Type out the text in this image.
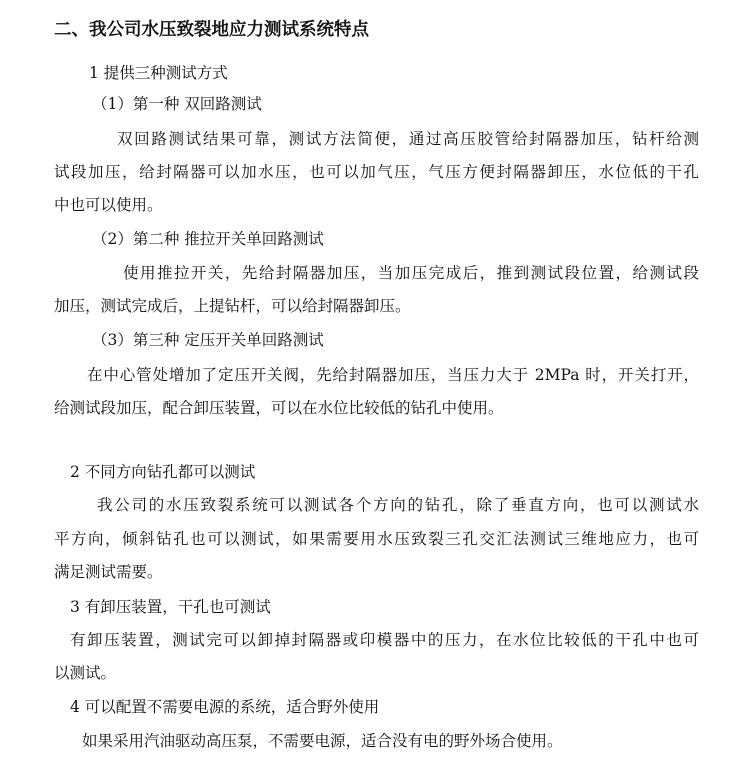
二、我公司水压致裂地应力测试系统特点
1 提供三种测试方式
（1）第一种 双回路测试
双回路测试结果可靠，测试方法简便，通过高压胶管给封隔器加压，钻杆给测
试段加压，给封隔器可以加水压，也可以加气压，气压方便封隔器卸压，水位低的干孔
中也可以使用。
（2）第二种 推拉开关单回路测试
使用推拉开关，先给封隔器加压，当加压完成后，推到测试段位置，给测试段
加压，测试完成后，上提钻杆，可以给封隔器卸压。
（3）第三种 定压开关单回路测试
在中心管处增加了定压开关阀，先给封隔器加压，当压力大于 2MPa 时，开关打开，
给测试段加压，配合卸压装置，可以在水位比较低的钻孔中使用。
2 不同方向钻孔都可以测试
我公司的水压致裂系统可以测试各个方向的钻孔，除了垂直方向，也可以测试水
平方向，倾斜钻孔也可以测试，如果需要用水压致裂三孔交汇法测试三维地应力，也可
满足测试需要。
3 有卸压装置，干孔也可测试
有卸压装置，测试完可以卸掉封隔器或印模器中的压力，在水位比较低的干孔中也可
以测试。
4 可以配置不需要电源的系统，适合野外使用
如果采用汽油驱动高压泵，不需要电源，适合没有电的野外场合使用。
